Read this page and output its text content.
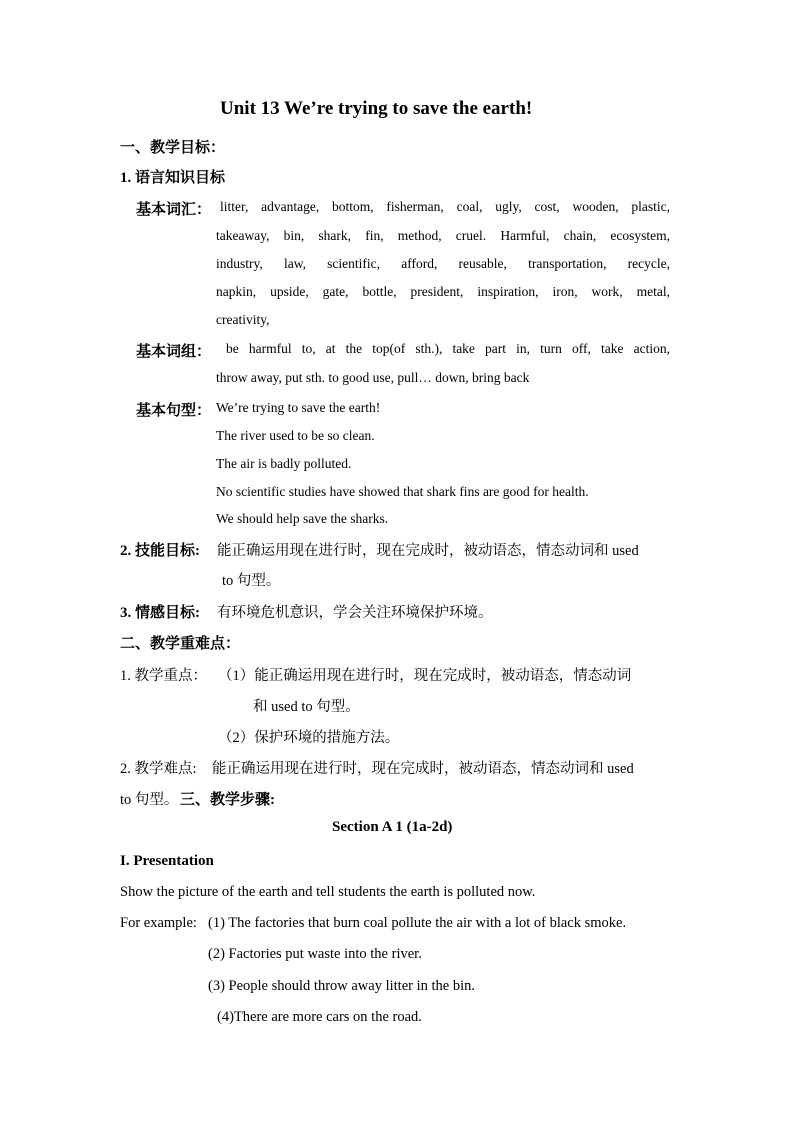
Unit 13 We’re trying to save the earth!
一、教学目标：
1. 语言知识目标
基本词汇： litter, advantage, bottom, fisherman, coal, ugly, cost, wooden, plastic,
takeaway, bin, shark, fin, method, cruel. Harmful, chain, ecosystem,
industry, law, scientific, afford, reusable, transportation, recycle,
napkin, upside, gate, bottle, president, inspiration, iron, work, metal,
creativity,
基本词组： be harmful to, at the top(of sth.), take part in, turn off, take action,
throw away, put sth. to good use, pull… down, bring back
基本句型： We’re trying to save the earth!
The river used to be so clean.
The air is badly polluted.
No scientific studies have showed that shark fins are good for health.
We should help save the sharks.
2. 技能目标: 能正确运用现在进行时，现在完成时，被动语态，情态动词和 used
to 句型。
3. 情感目标: 有环境危机意识，学会关注环境保护环境。
二、教学重难点：
1. 教学重点： （1）能正确运用现在进行时，现在完成时，被动语态，情态动词
和 used to 句型。
（2）保护环境的措施方法。
2. 教学难点: 能正确运用现在进行时，现在完成时，被动语态，情态动词和 used
to 句型。 三、教学步骤:
Section A 1 (1a-2d)
I. Presentation
Show the picture of the earth and tell students the earth is polluted now.
For example: (1) The factories that burn coal pollute the air with a lot of black smoke.
(2) Factories put waste into the river.
(3) People should throw away litter in the bin.
(4)There are more cars on the road.
